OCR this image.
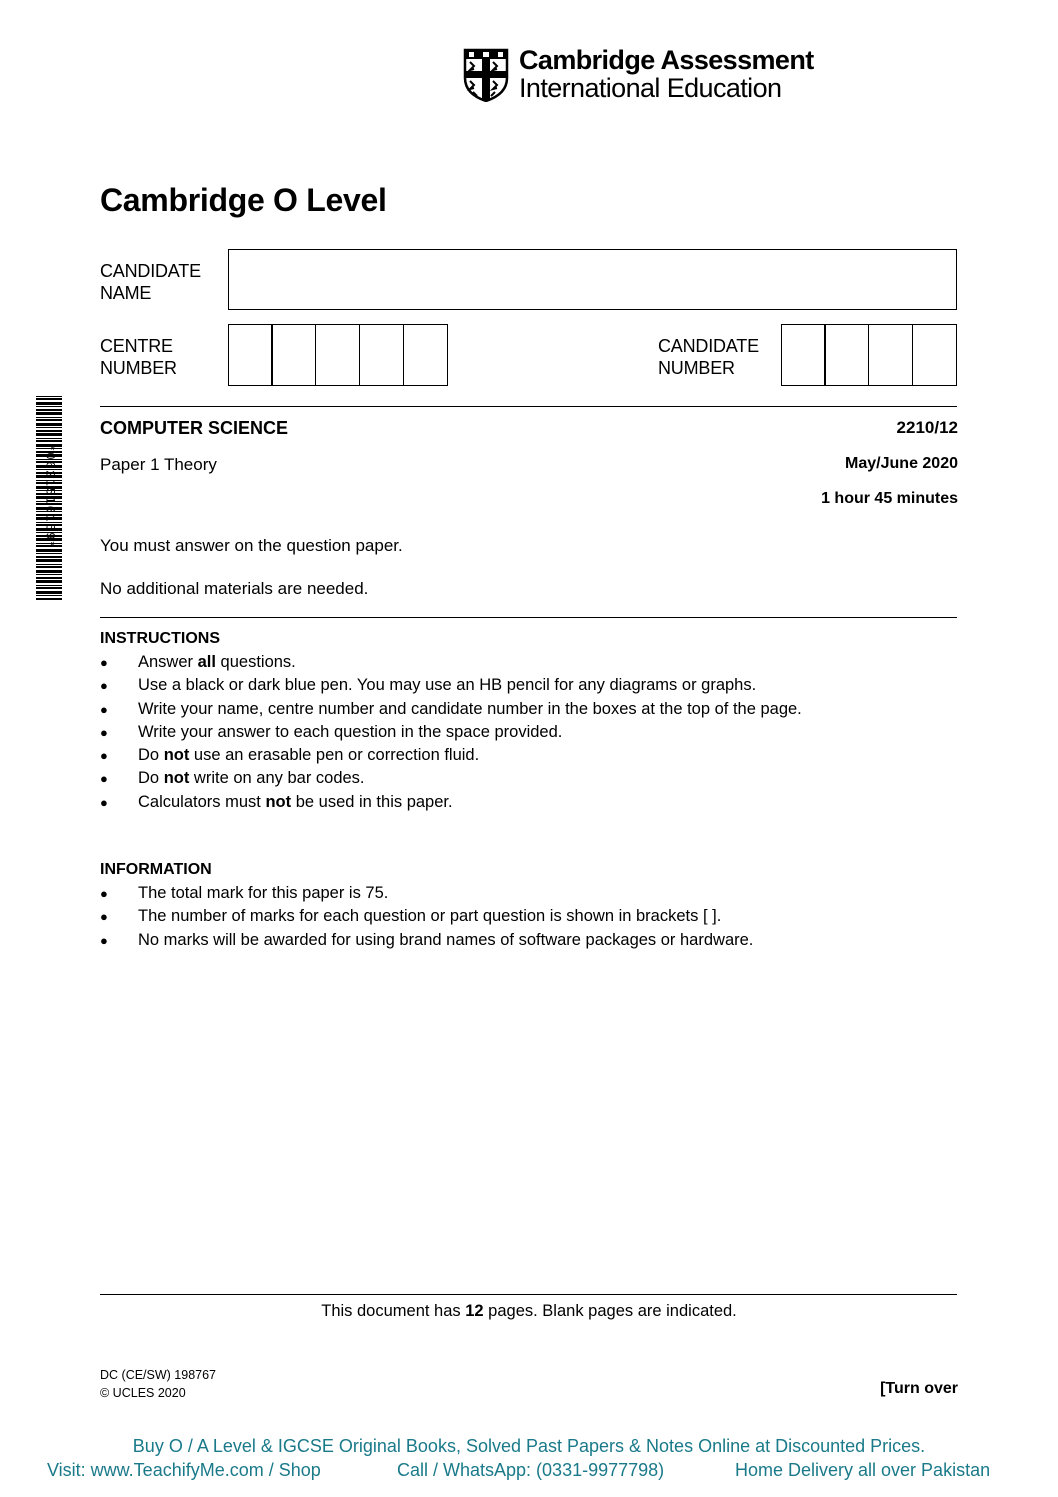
Cambridge Assessment
International Education
Cambridge O Level
CANDIDATE
NAME
CENTRE
NUMBER
CANDIDATE
NUMBER
*0621516169*
COMPUTER SCIENCE	2210/12
Paper 1 Theory	May/June 2020
1 hour 45 minutes
You must answer on the question paper.
No additional materials are needed.
INSTRUCTIONS
● Answer all questions.
● Use a black or dark blue pen. You may use an HB pencil for any diagrams or graphs.
● Write your name, centre number and candidate number in the boxes at the top of the page.
● Write your answer to each question in the space provided.
● Do not use an erasable pen or correction fluid.
● Do not write on any bar codes.
● Calculators must not be used in this paper.
INFORMATION
● The total mark for this paper is 75.
● The number of marks for each question or part question is shown in brackets [ ].
● No marks will be awarded for using brand names of software packages or hardware.
This document has 12 pages. Blank pages are indicated.
DC (CE/SW) 198767
© UCLES 2020	[Turn over
Buy O / A Level & IGCSE Original Books, Solved Past Papers & Notes Online at Discounted Prices.
Visit: www.TeachifyMe.com / Shop	Call / WhatsApp: (0331-9977798)	Home Delivery all over Pakistan
